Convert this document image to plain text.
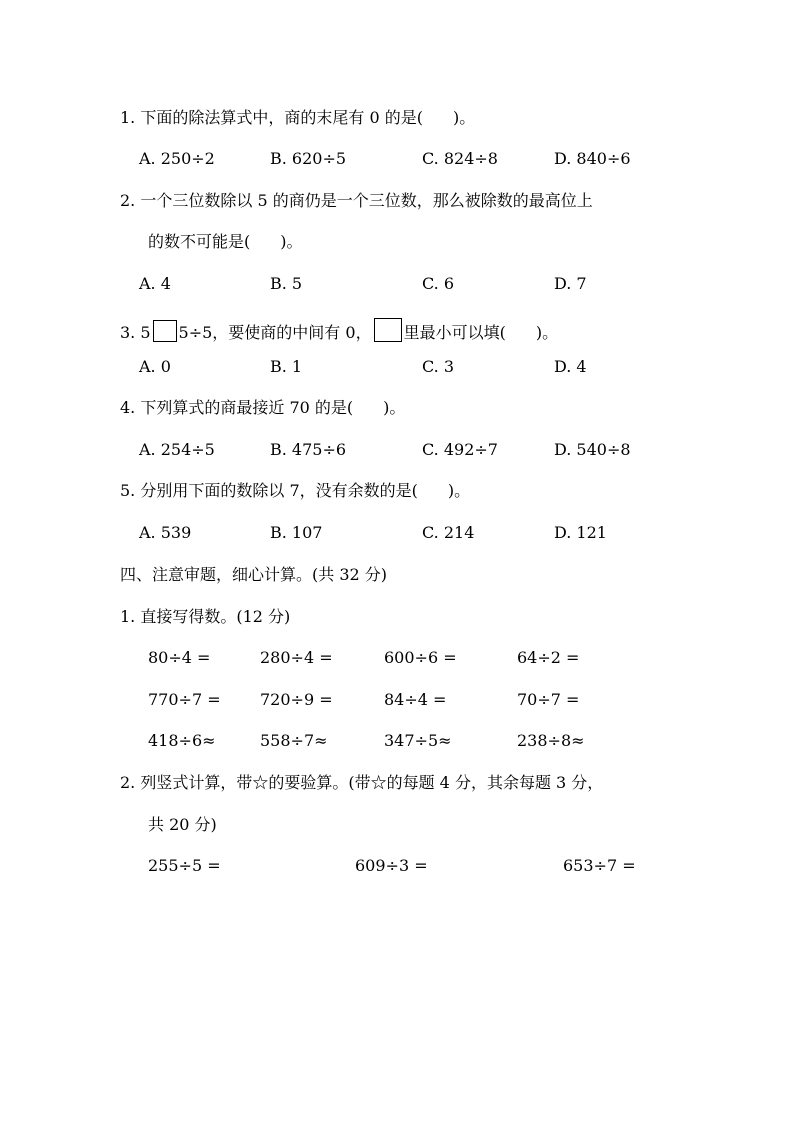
1. 下面的除法算式中，商的末尾有 0 的是( )。
A. 250÷2	B. 620÷5	C. 824÷8	D. 840÷6
2. 一个三位数除以 5 的商仍是一个三位数，那么被除数的最高位上
的数不可能是( )。
A. 4	B. 5	C. 6	D. 7
3. 5 5÷5，要使商的中间有 0， 里最小可以填( )。
A. 0	B. 1	C. 3	D. 4
4. 下列算式的商最接近 70 的是( )。
A. 254÷5	B. 475÷6	C. 492÷7	D. 540÷8
5. 分别用下面的数除以 7，没有余数的是( )。
A. 539	B. 107	C. 214	D. 121
四、注意审题，细心计算。(共 32 分)
1. 直接写得数。(12 分)
80÷4 =	280÷4 =	600÷6 =	64÷2 =
770÷7 = 720÷9 =	84÷4 =	70÷7 =
418÷6≈	558÷7≈	347÷5≈	238÷8≈
2. 列竖式计算，带☆的要验算。(带☆的每题 4 分，其余每题 3 分，
共 20 分)
255÷5 =	609÷3 =	653÷7 =
